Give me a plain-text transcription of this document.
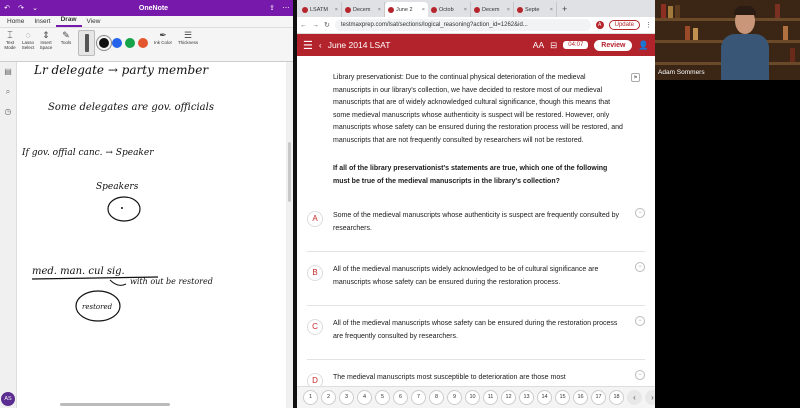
↶	↷	⌄	OneNote	⇪	⋯
Home	Insert	Draw	View
⌶
Text Mode
◌
Lasso Select
⇕
Insert Space
✎
Tools
✒
Ink Color
☰
Thickness
▤
⌕
◷
AS
Lr delegate → party member
Some delegates are gov. officials
If gov. offial canc. → Speaker
Speakers
med. man. cul sig.
with out be restored
restored
LSATM ×	Decem ×	June 2 ×	Octob ×	Decem ×	Septe ×	+
← → ↻	testmaxprep.com/lsat/sections/logical_reasoning?action_id=1262&id...	A	Update	⋮
☰ ‹ June 2014 LSAT	AA ⊟	04:07	Review	👤
Library preservationist: Due to the continual physical deterioration of the medieval manuscripts in our library's collection, we have decided to restore most of our medieval manuscripts that are of widely acknowledged cultural significance, though this means that some medieval manuscripts whose authenticity is suspect will be restored. However, only manuscripts whose safety can be ensured during the restoration process will be restored, and manuscripts that are not frequently consulted by researchers will not be restored.
⚑
If all of the library preservationist's statements are true, which one of the following must be true of the medieval manuscripts in the library's collection?
A	Some of the medieval manuscripts whose authenticity is suspect are frequently consulted by researchers.
−
B	All of the medieval manuscripts widely acknowledged to be of cultural significance are manuscripts whose safety can be ensured during the restoration process.
−
C	All of the medieval manuscripts whose safety can be ensured during the restoration process are frequently consulted by researchers.
−
D	The medieval manuscripts most susceptible to deterioration are those most	−
1	2	3	4	5	6	7	8	9	10	11	12	13	14	15	16	17	18	‹	›
Adam Sommers
